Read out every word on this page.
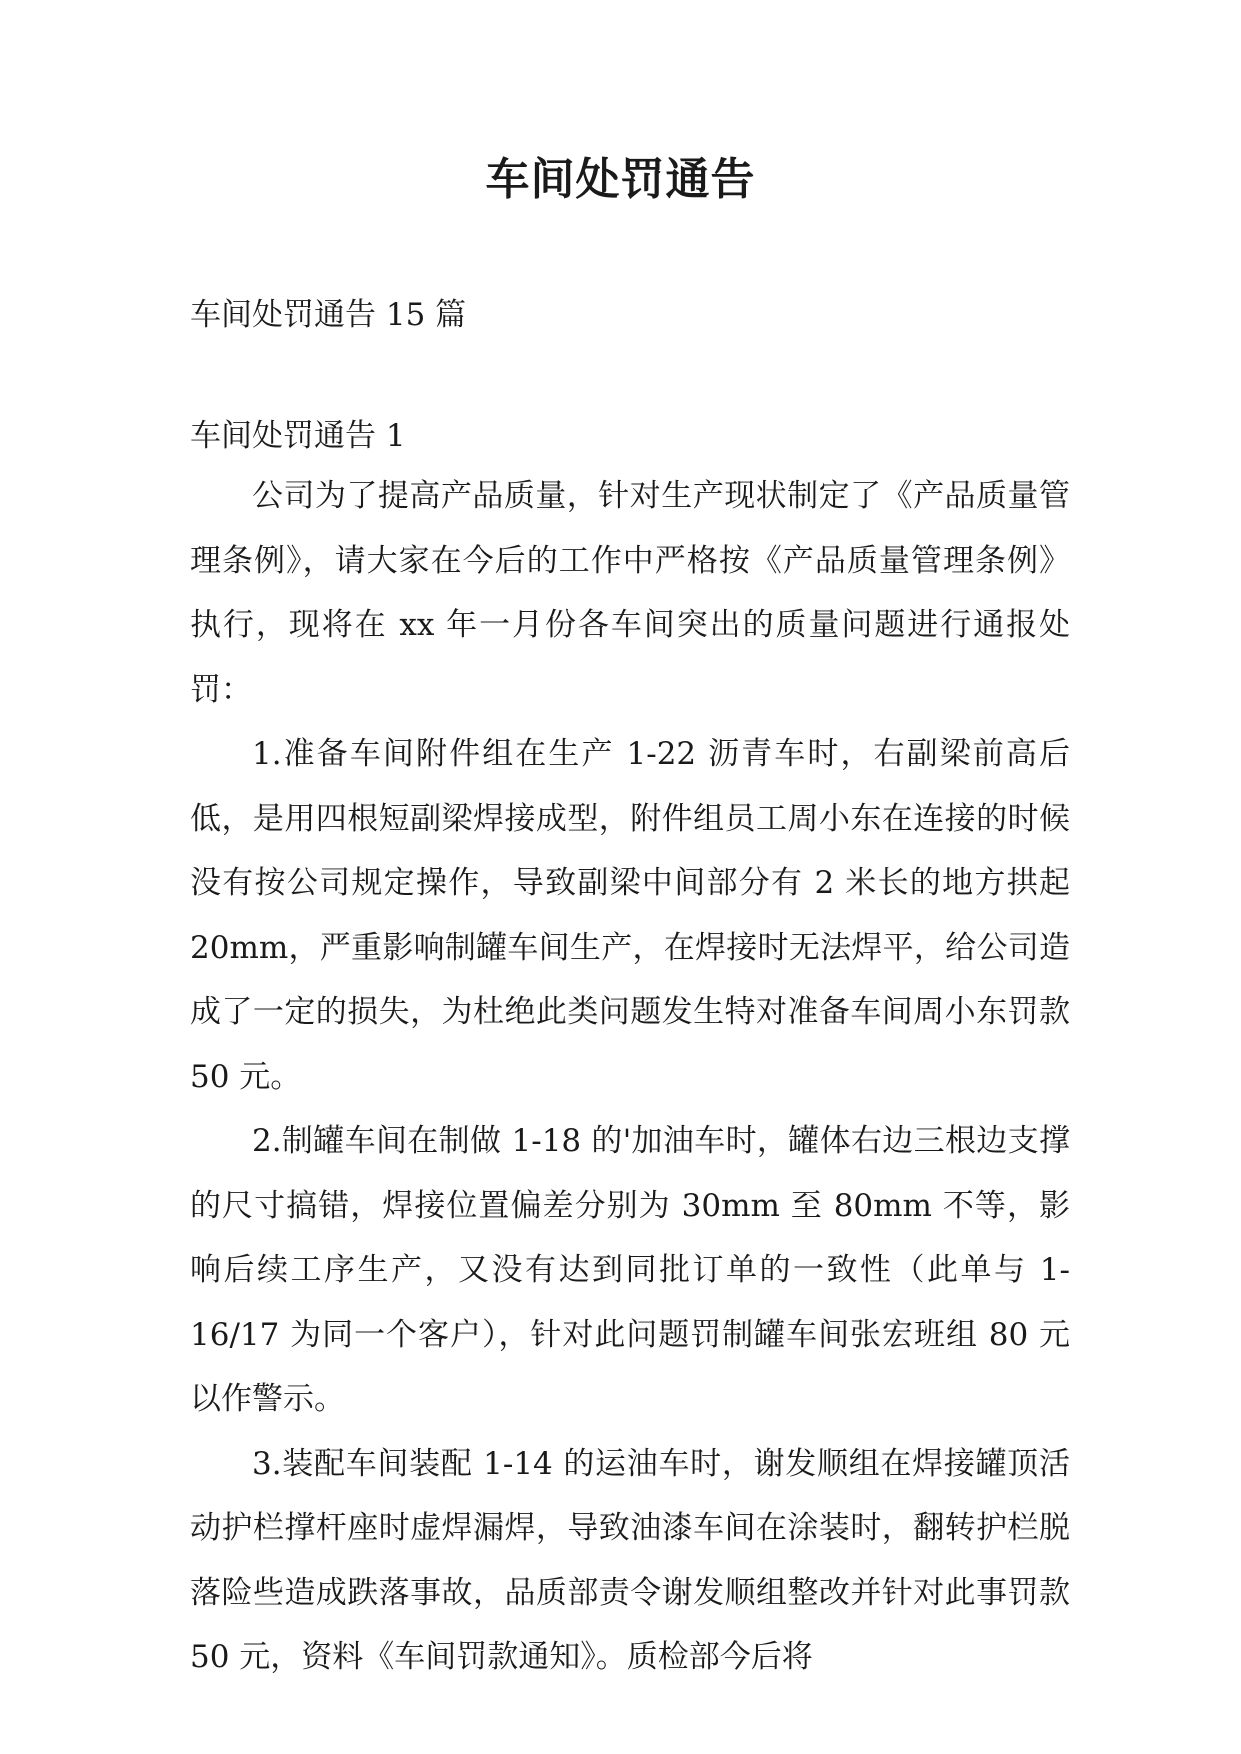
车间处罚通告
车间处罚通告 15 篇
车间处罚通告 1

公司为了提高产品质量，针对生产现状制定了《产品质量管理条例》，请大家在今后的工作中严格按《产品质量管理条例》执行，现将在 xx 年一月份各车间突出的质量问题进行通报处罚：

1.准备车间附件组在生产 1-22 沥青车时，右副梁前高后低，是用四根短副梁焊接成型，附件组员工周小东在连接的时候没有按公司规定操作，导致副梁中间部分有 2 米长的地方拱起 20mm，严重影响制罐车间生产，在焊接时无法焊平，给公司造成了一定的损失，为杜绝此类问题发生特对准备车间周小东罚款 50 元。

2.制罐车间在制做 1-18 的'加油车时，罐体右边三根边支撑的尺寸搞错，焊接位置偏差分别为 30mm 至 80mm 不等，影响后续工序生产，又没有达到同批订单的一致性（此单与 1-16/17 为同一个客户），针对此问题罚制罐车间张宏班组 80 元以作警示。

3.装配车间装配 1-14 的运油车时，谢发顺组在焊接罐顶活动护栏撑杆座时虚焊漏焊，导致油漆车间在涂装时，翻转护栏脱落险些造成跌落事故，品质部责令谢发顺组整改并针对此事罚款 50 元，资料《车间罚款通知》。质检部今后将
